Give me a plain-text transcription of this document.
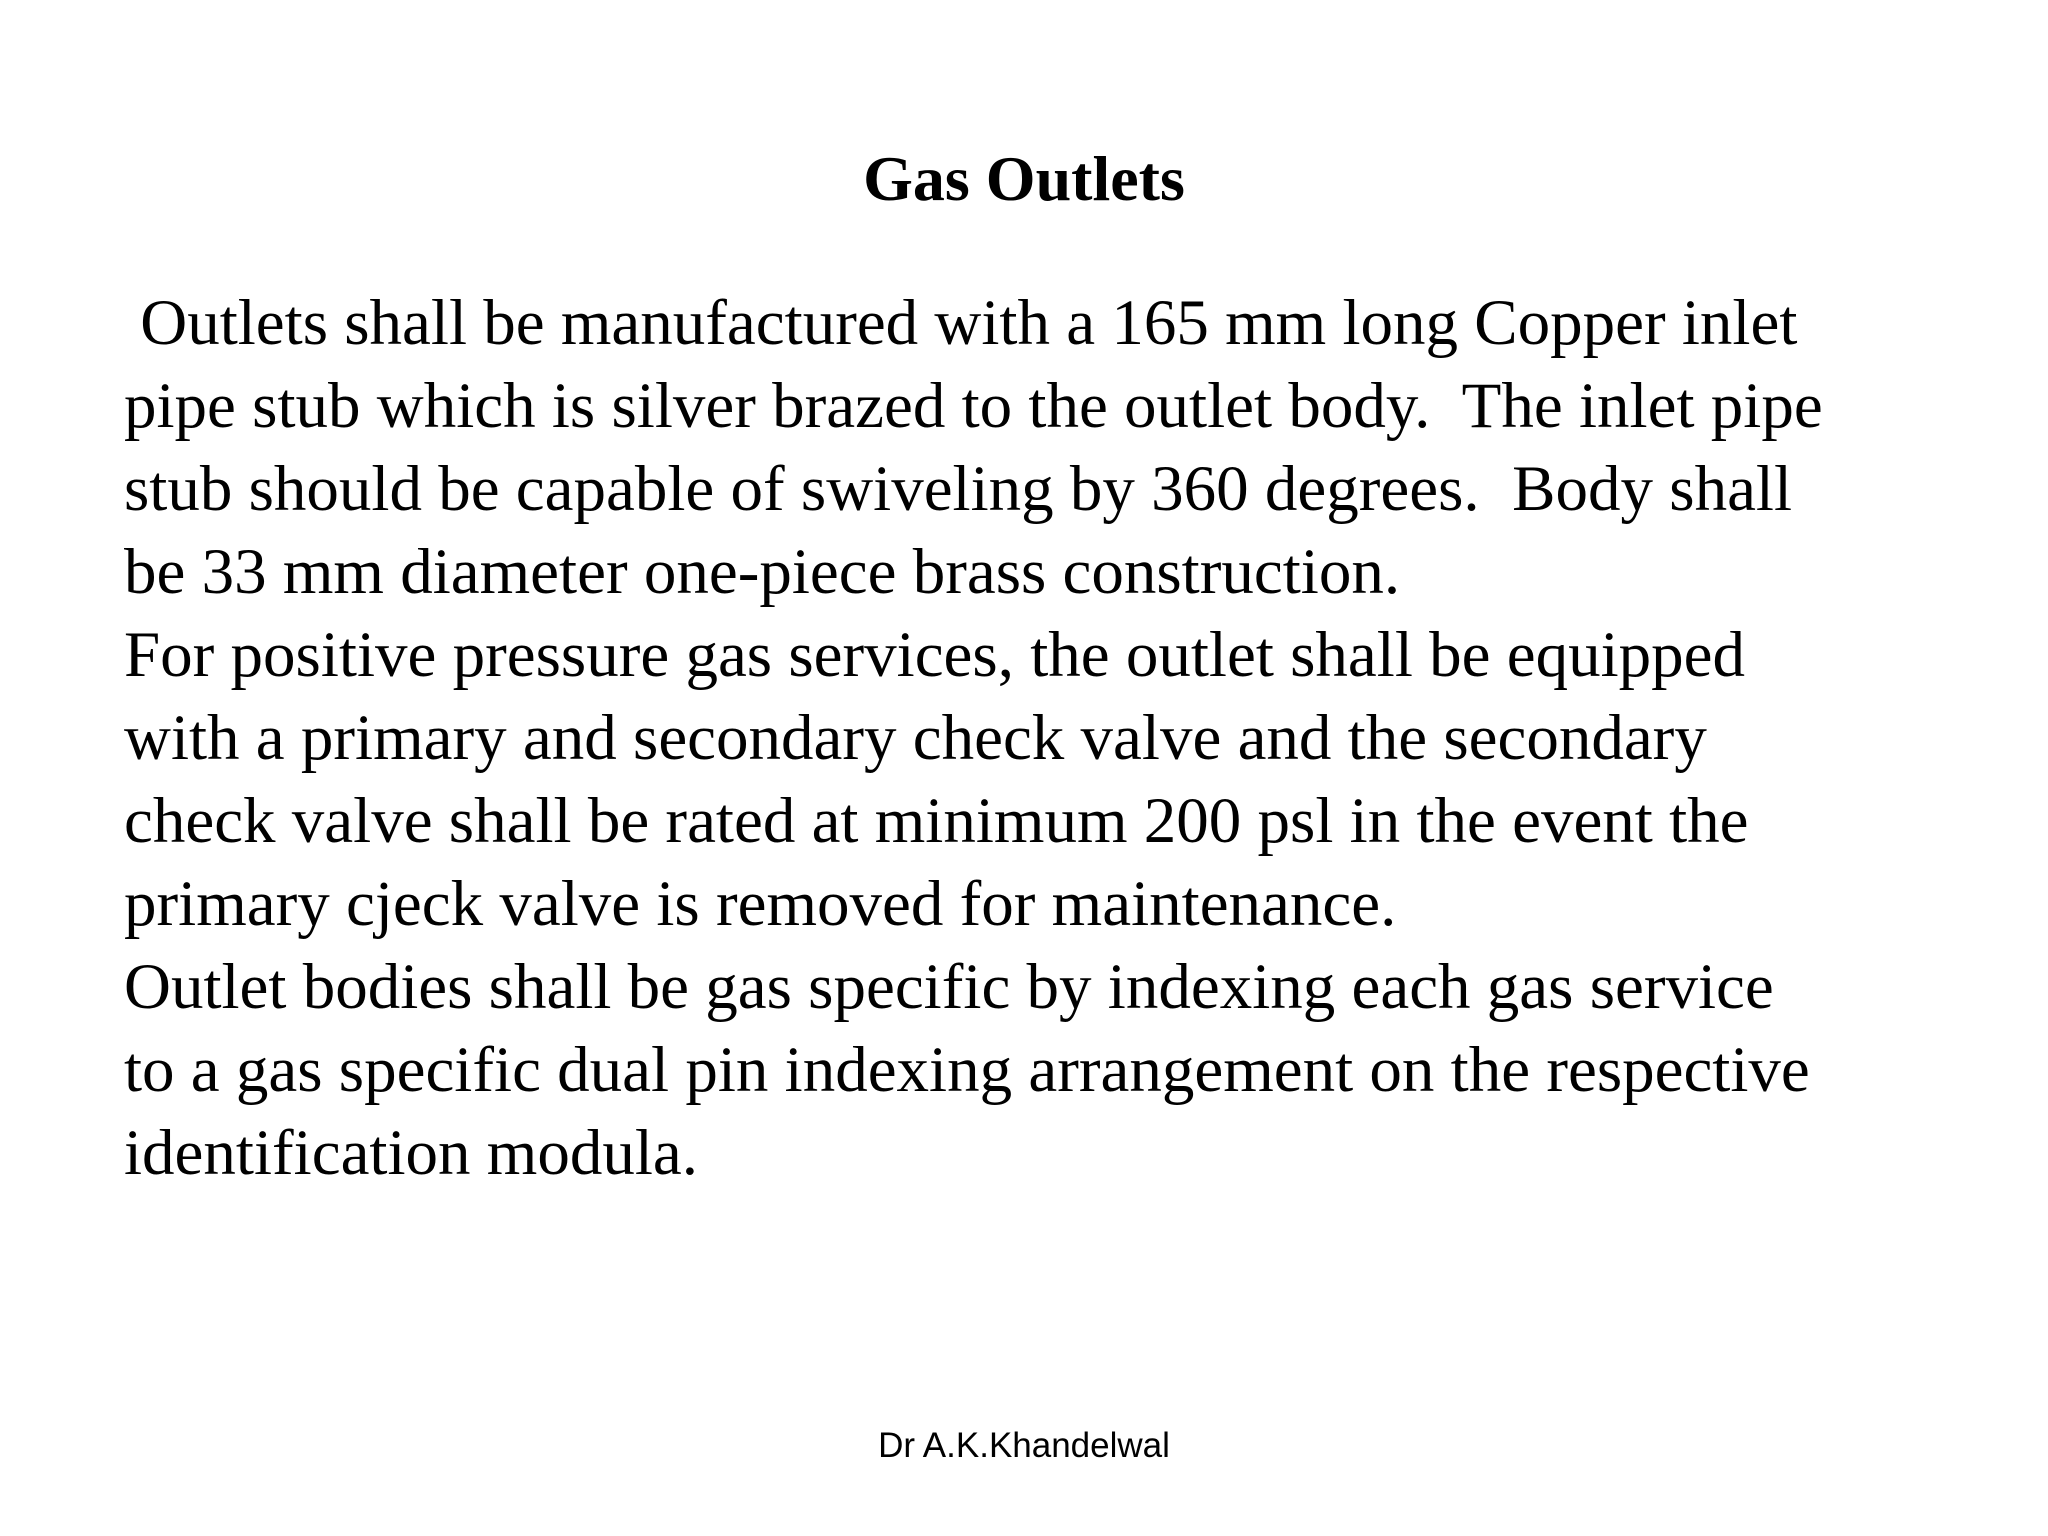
Gas Outlets
Outlets shall be manufactured with a 165 mm long Copper inlet
pipe stub which is silver brazed to the outlet body.  The inlet pipe
stub should be capable of swiveling by 360 degrees.  Body shall
be 33 mm diameter one-piece brass construction.
For positive pressure gas services, the outlet shall be equipped
with a primary and secondary check valve and the secondary
check valve shall be rated at minimum 200 psl in the event the
primary cjeck valve is removed for maintenance.
Outlet bodies shall be gas specific by indexing each gas service
to a gas specific dual pin indexing arrangement on the respective
identification modula.
Dr A.K.Khandelwal
